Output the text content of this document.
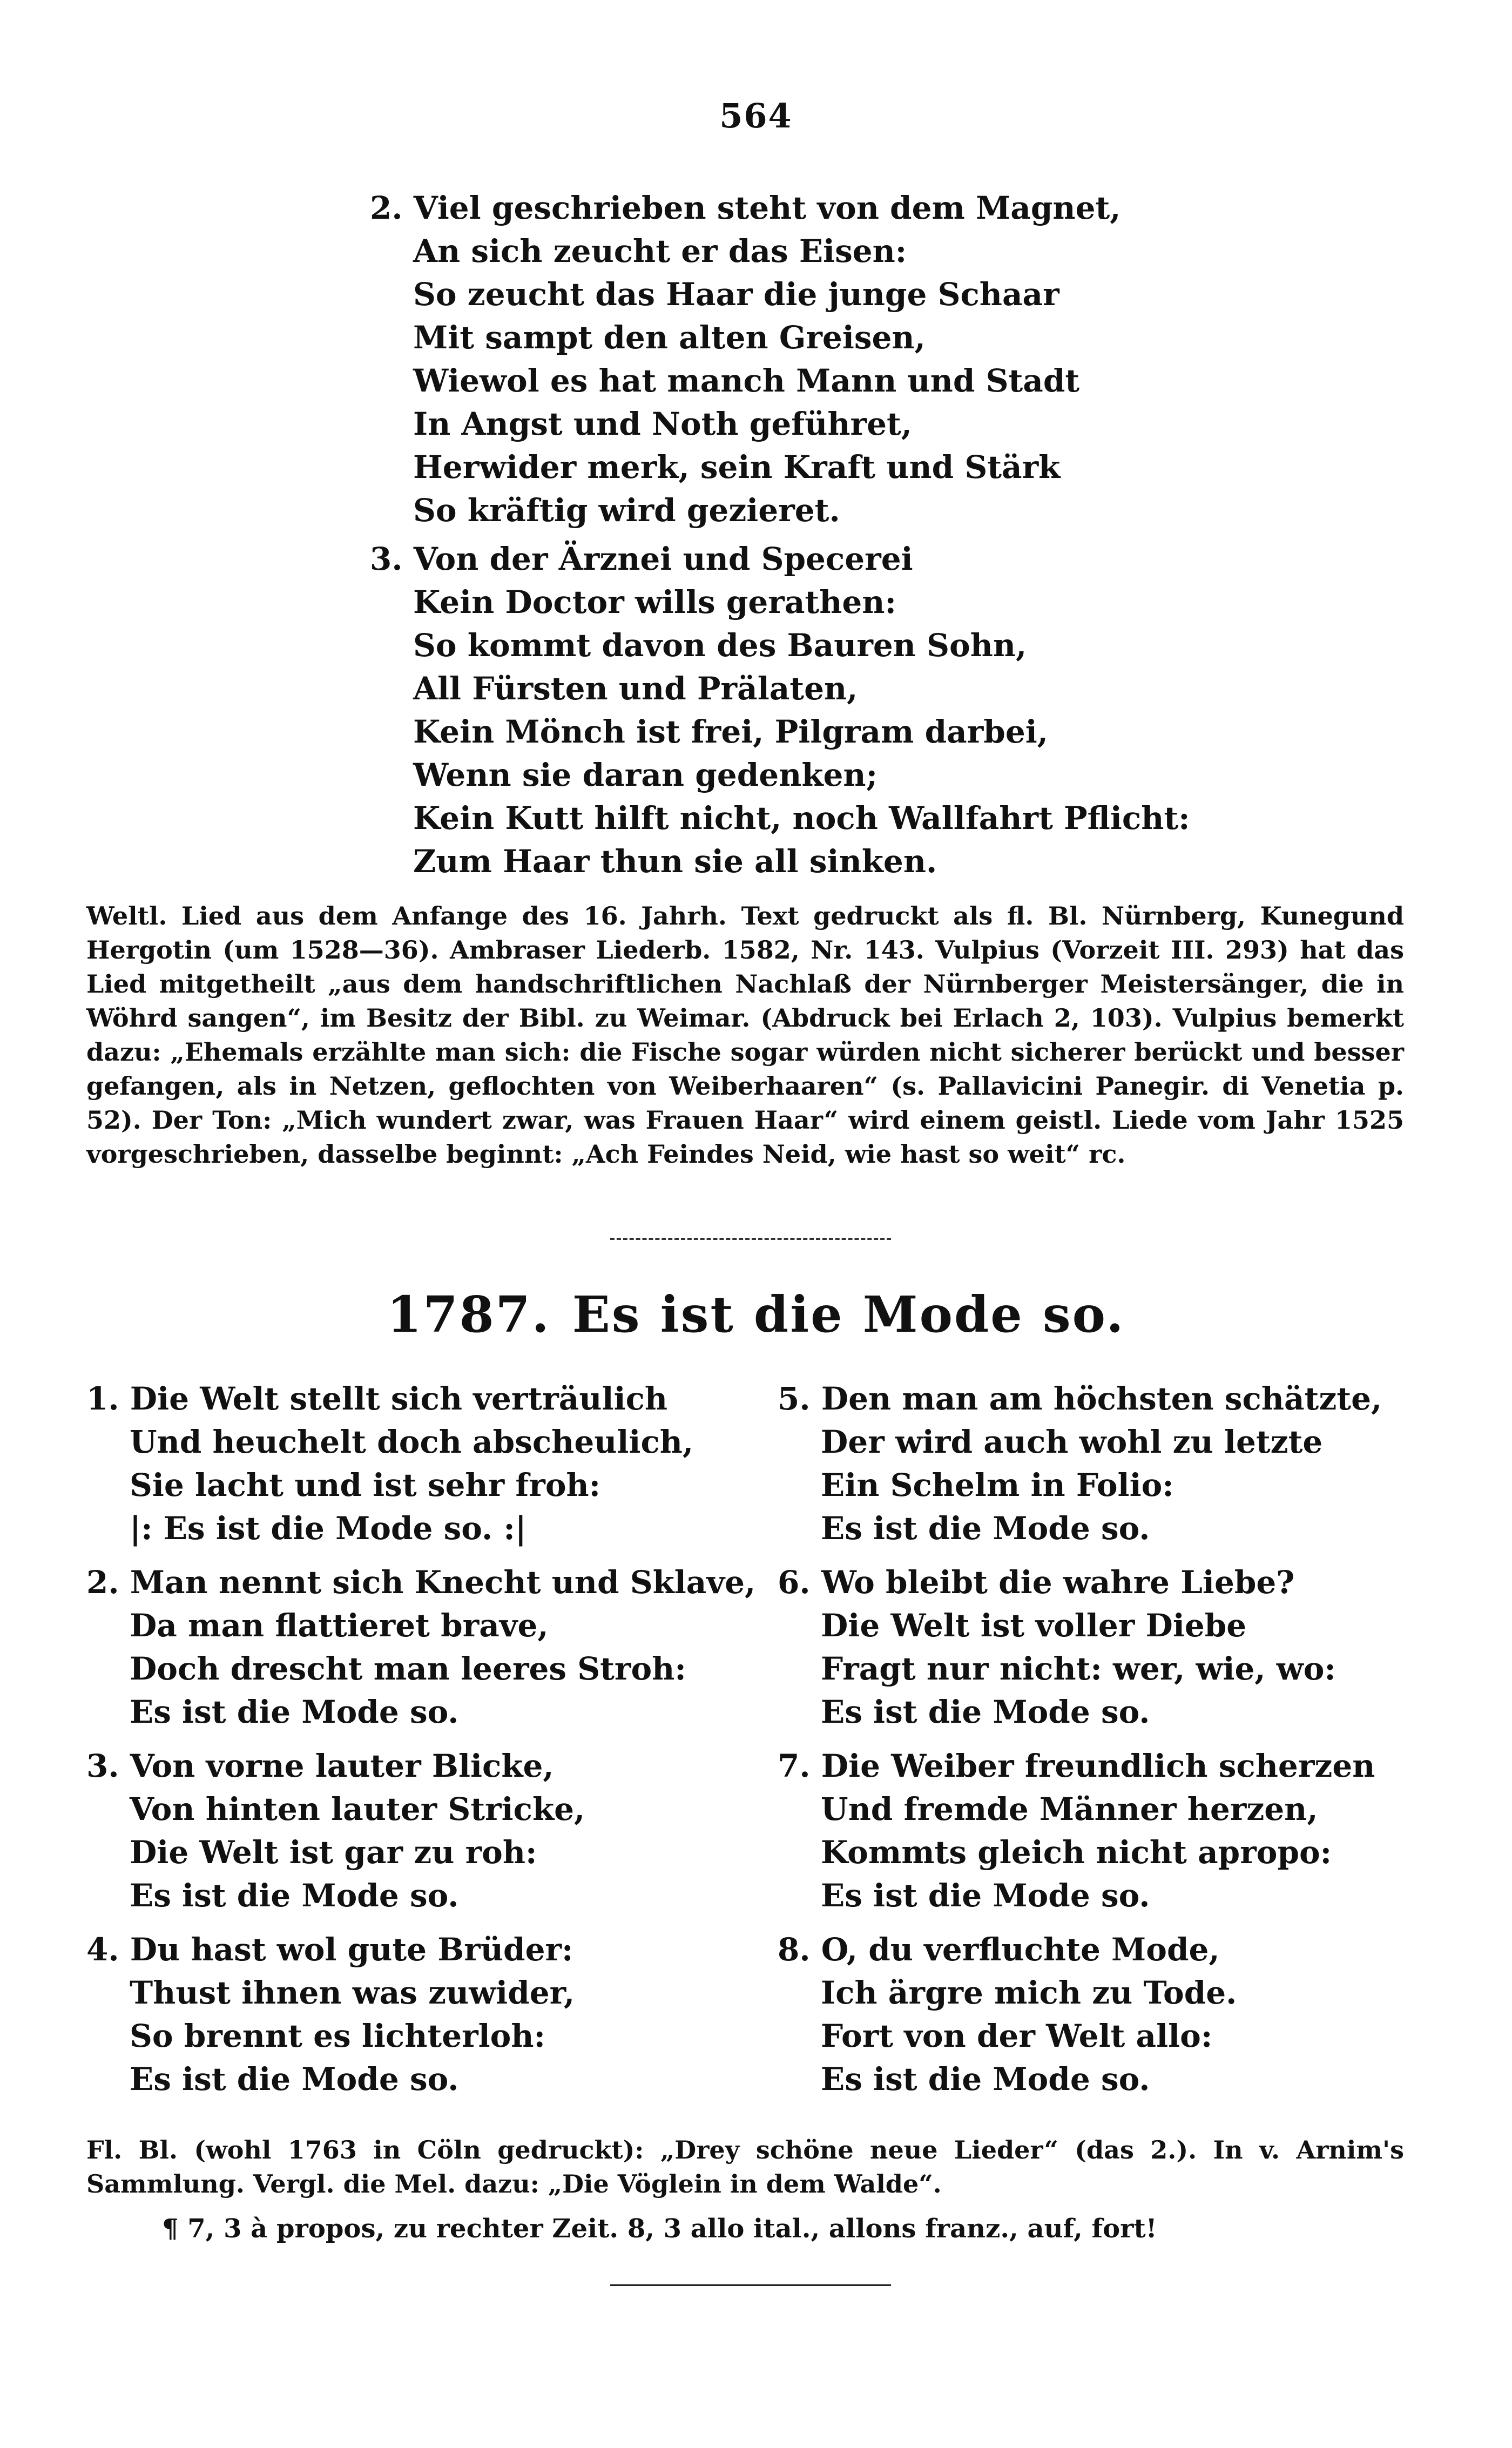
564
2. Viel geschrieben steht von dem Magnet,
An sich zeucht er das Eisen:
So zeucht das Haar die junge Schaar
Mit sampt den alten Greisen,
Wiewol es hat manch Mann und Stadt
In Angst und Noth geführet,
Herwider merk, sein Kraft und Stärk
So kräftig wird gezieret.
3. Von der Ärznei und Specerei
Kein Doctor wills gerathen:
So kommt davon des Bauren Sohn,
All Fürsten und Prälaten,
Kein Mönch ist frei, Pilgram darbei,
Wenn sie daran gedenken;
Kein Kutt hilft nicht, noch Wallfahrt Pflicht:
Zum Haar thun sie all sinken.

Weltl. Lied aus dem Anfange des 16. Jahrh. Text gedruckt als fl. Bl. Nürnberg, Kunegund Hergotin (um 1528—36). Ambraser Liederb. 1582, Nr. 143. Vulpius (Vorzeit III. 293) hat das Lied mitgetheilt „aus dem handschriftlichen Nachlaß der Nürnberger Meistersänger, die in Wöhrd sangen“, im Besitz der Bibl. zu Weimar. (Abdruck bei Erlach 2, 103). Vulpius bemerkt dazu: „Ehemals erzählte man sich: die Fische sogar würden nicht sicherer berückt und besser gefangen, als in Netzen, geflochten von Weiberhaaren“ (s. Pallavicini Panegir. di Venetia p. 52). Der Ton: „Mich wundert zwar, was Frauen Haar“ wird einem geistl. Liede vom Jahr 1525 vorgeschrieben, dasselbe beginnt: „Ach Feindes Neid, wie hast so weit“ rc.

1787. Es ist die Mode so.
1. Die Welt stellt sich verträulich
Und heuchelt doch abscheulich,
Sie lacht und ist sehr froh:
|: Es ist die Mode so. :|
2. Man nennt sich Knecht und Sklave,
Da man flattieret brave,
Doch drescht man leeres Stroh:
Es ist die Mode so.
3. Von vorne lauter Blicke,
Von hinten lauter Stricke,
Die Welt ist gar zu roh:
Es ist die Mode so.
4. Du hast wol gute Brüder:
Thust ihnen was zuwider,
So brennt es lichterloh:
Es ist die Mode so.
5. Den man am höchsten schätzte,
Der wird auch wohl zu letzte
Ein Schelm in Folio:
Es ist die Mode so.
6. Wo bleibt die wahre Liebe?
Die Welt ist voller Diebe
Fragt nur nicht: wer, wie, wo:
Es ist die Mode so.
7. Die Weiber freundlich scherzen
Und fremde Männer herzen,
Kommts gleich nicht apropo:
Es ist die Mode so.
8. O, du verfluchte Mode,
Ich ärgre mich zu Tode.
Fort von der Welt allo:
Es ist die Mode so.

Fl. Bl. (wohl 1763 in Cöln gedruckt): „Drey schöne neue Lieder“ (das 2.). In v. Arnim's Sammlung. Vergl. die Mel. dazu: „Die Vöglein in dem Walde“.

¶ 7, 3 à propos, zu rechter Zeit. 8, 3 allo ital., allons franz., auf, fort!
